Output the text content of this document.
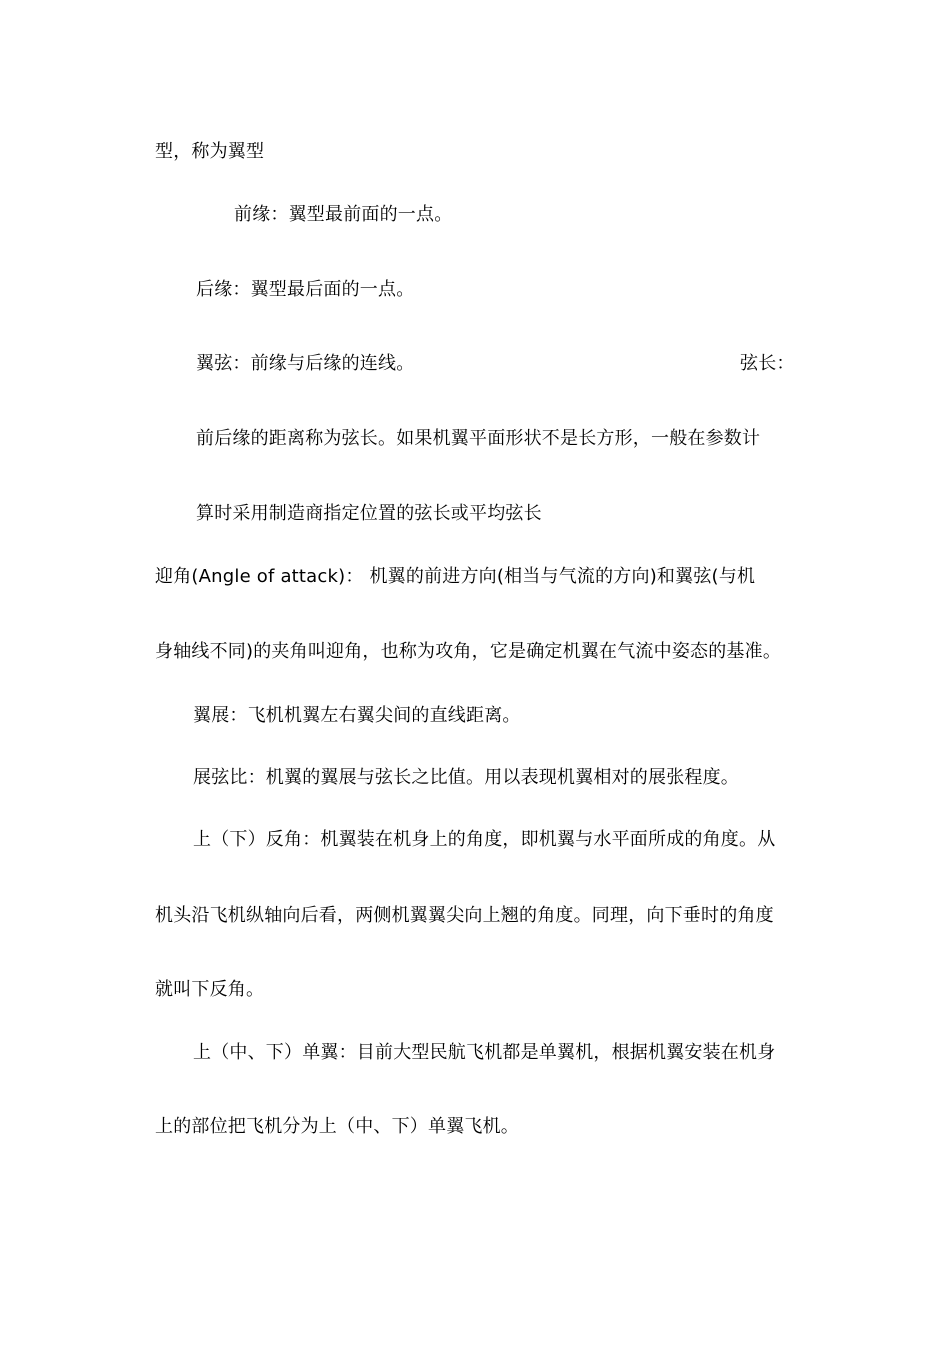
型，称为翼型
前缘：翼型最前面的一点。
后缘：翼型最后面的一点。
翼弦：前缘与后缘的连线。	弦长：
前后缘的距离称为弦长。如果机翼平面形状不是长方形，一般在参数计
算时采用制造商指定位置的弦长或平均弦长
迎角(Angle of attack)： 机翼的前进方向(相当与气流的方向)和翼弦(与机
身轴线不同)的夹角叫迎角，也称为攻角，它是确定机翼在气流中姿态的基准。
翼展：飞机机翼左右翼尖间的直线距离。
展弦比：机翼的翼展与弦长之比值。用以表现机翼相对的展张程度。
上（下）反角：机翼装在机身上的角度，即机翼与水平面所成的角度。从
机头沿飞机纵轴向后看，两侧机翼翼尖向上翘的角度。同理，向下垂时的角度
就叫下反角。
上（中、下）单翼：目前大型民航飞机都是单翼机，根据机翼安装在机身
上的部位把飞机分为上（中、下）单翼飞机。
